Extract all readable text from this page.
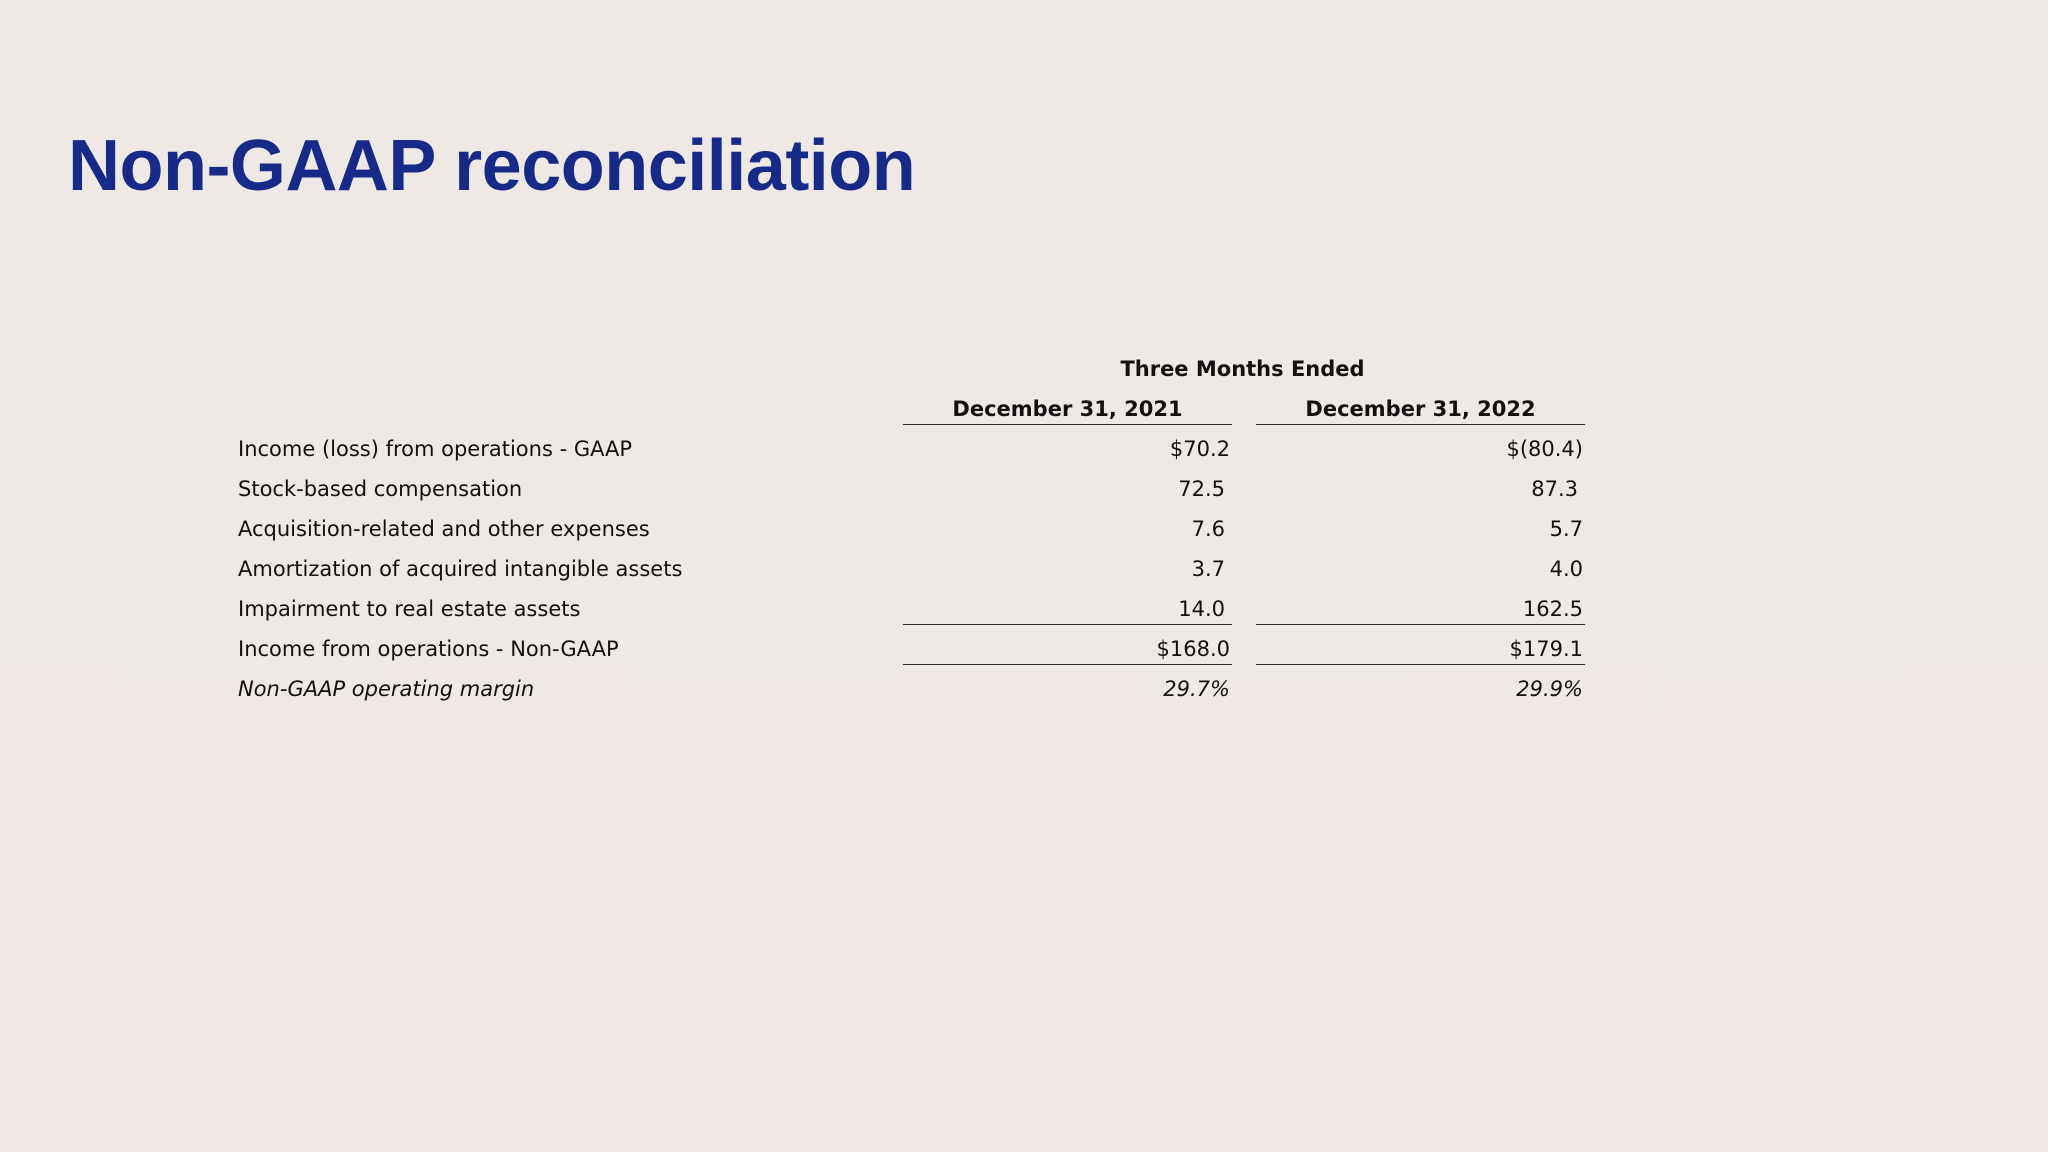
Non-GAAP reconciliation
Three Months Ended
December 31, 2021	December 31, 2022
Income (loss) from operations - GAAP	$70.2	$(80.4)
Stock-based compensation	72.5	87.3
Acquisition-related and other expenses	7.6	5.7
Amortization of acquired intangible assets	3.7	4.0
Impairment to real estate assets	14.0	162.5
Income from operations - Non-GAAP	$168.0	$179.1
Non-GAAP operating margin	29.7%	29.9%
